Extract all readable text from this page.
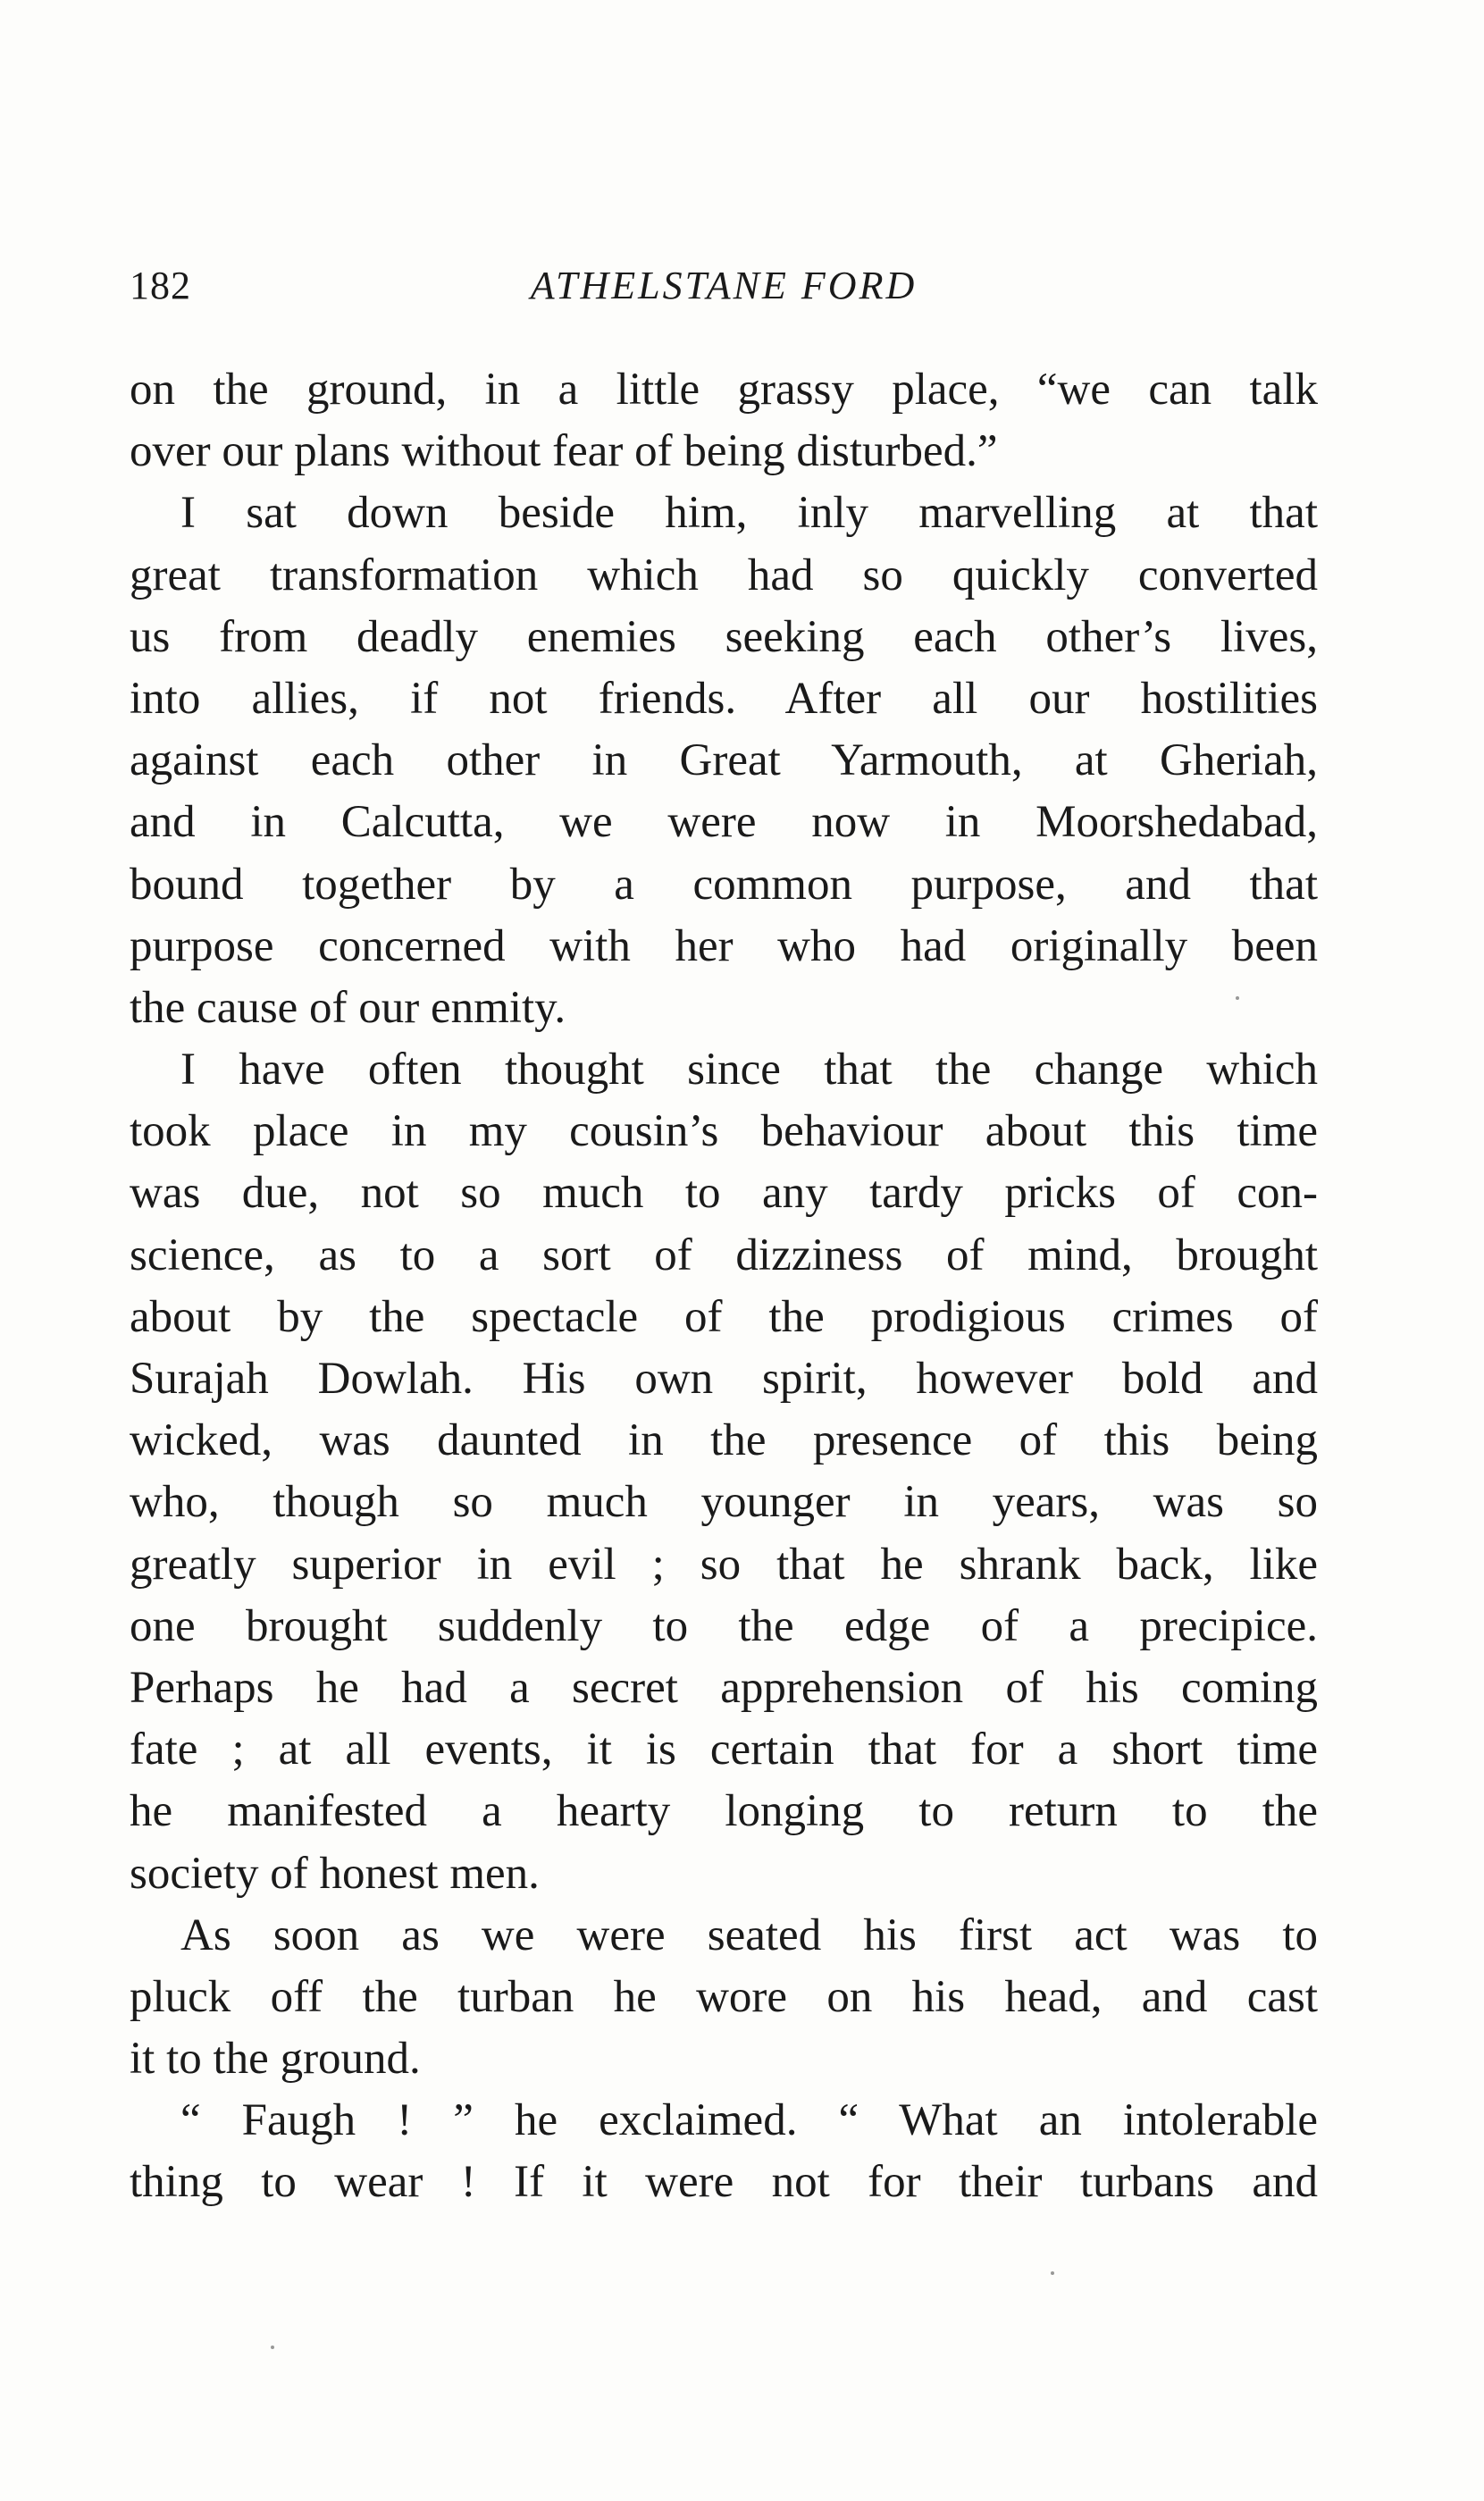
182	ATHELSTANE FORD
on the ground, in a little grassy place, “we can talk
over our plans without fear of being disturbed.”
I sat down beside him, inly marvelling at that
great transformation which had so quickly converted
us from deadly enemies seeking each other’s lives,
into allies, if not friends. After all our hostilities
against each other in Great Yarmouth, at Gheriah,
and in Calcutta, we were now in Moorshedabad,
bound together by a common purpose, and that
purpose concerned with her who had originally been
the cause of our enmity.
I have often thought since that the change which
took place in my cousin’s behaviour about this time
was due, not so much to any tardy pricks of con-
science, as to a sort of dizziness of mind, brought
about by the spectacle of the prodigious crimes of
Surajah Dowlah. His own spirit, however bold and
wicked, was daunted in the presence of this being
who, though so much younger in years, was so
greatly superior in evil ; so that he shrank back, like
one brought suddenly to the edge of a precipice.
Perhaps he had a secret apprehension of his coming
fate ; at all events, it is certain that for a short time
he manifested a hearty longing to return to the
society of honest men.
As soon as we were seated his first act was to
pluck off the turban he wore on his head, and cast
it to the ground.
“ Faugh ! ” he exclaimed. “ What an intolerable
thing to wear ! If it were not for their turbans and
